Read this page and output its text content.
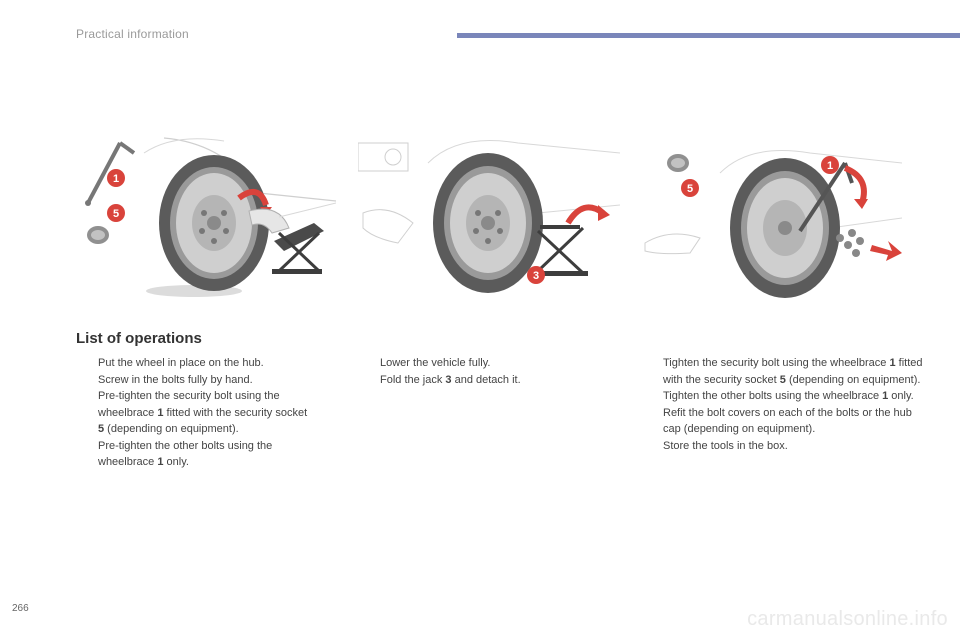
Practical information
1
5
3
1
5
List of operations

Put the wheel in place on the hub.

Screw in the bolts fully by hand.

Pre-tighten the security bolt using the wheelbrace 1 fitted with the security socket 5 (depending on equipment).

Pre-tighten the other bolts using the wheelbrace 1 only.

Lower the vehicle fully.

Fold the jack 3 and detach it.

Tighten the security bolt using the wheelbrace 1 fitted with the security socket 5 (depending on equipment).

Tighten the other bolts using the wheelbrace 1 only.

Refit the bolt covers on each of the bolts or the hub cap (depending on equipment).

Store the tools in the box.

266	carmanualsonline.info
